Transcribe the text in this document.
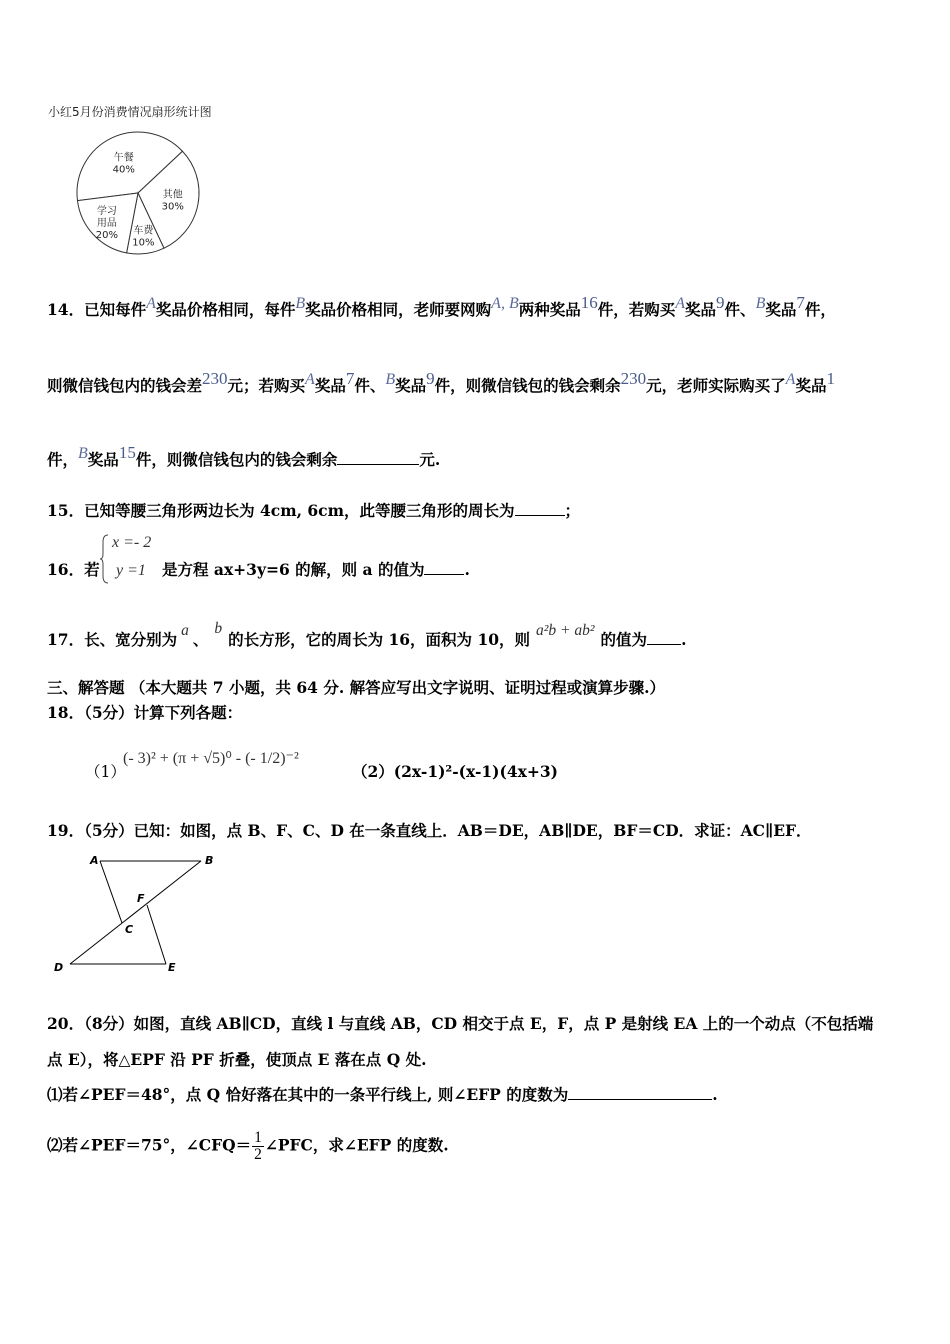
小红5月份消费情况扇形统计图
午餐
40%
其他
30%
车费
10%
学习
用品
20%
14．已知每件A奖品价格相同，每件B奖品价格相同，老师要网购A, B两种奖品16件，若购买A奖品9件、B奖品7件，
则微信钱包内的钱会差230元；若购买A奖品7件、B奖品9件，则微信钱包的钱会剩余230元，老师实际购买了A奖品1
件，B奖品15件，则微信钱包内的钱会剩余	元.
15．已知等腰三角形两边长为 4cm, 6cm，此等腰三角形的周长为	；
16．若
x =- 2
y =1 是方程 ax+3y=6 的解，则 a 的值为	.
17．长、宽分别为 a 、b的长方形，它的周长为 16，面积为 10，则 a²b + ab² 的值为 .
三、解答题 （本大题共 7 小题，共 64 分. 解答应写出文字说明、证明过程或演算步骤.）
18．（5分）计算下列各题：
（1）
(- 3)² + (π + √5)⁰ - (- 1/2)⁻²
（2）(2x-1)²-(x-1)(4x+3)
19．（5分）已知：如图，点 B、F、C、D 在一条直线上．AB＝DE，AB∥DE，BF＝CD．求证：AC∥EF．
A	B
F
C
D	E
20．（8分）如图，直线 AB∥CD，直线 l 与直线 AB，CD 相交于点 E，F，点 P 是射线 EA 上的一个动点（不包括端
点 E），将△EPF 沿 PF 折叠，使顶点 E 落在点 Q 处.
⑴若∠PEF＝48°，点 Q 恰好落在其中的一条平行线上, 则∠EFP 的度数为	.
⑵若∠PEF＝75°，∠CFQ＝ $\frac{1}{2}$ ∠PFC，求∠EFP 的度数.
